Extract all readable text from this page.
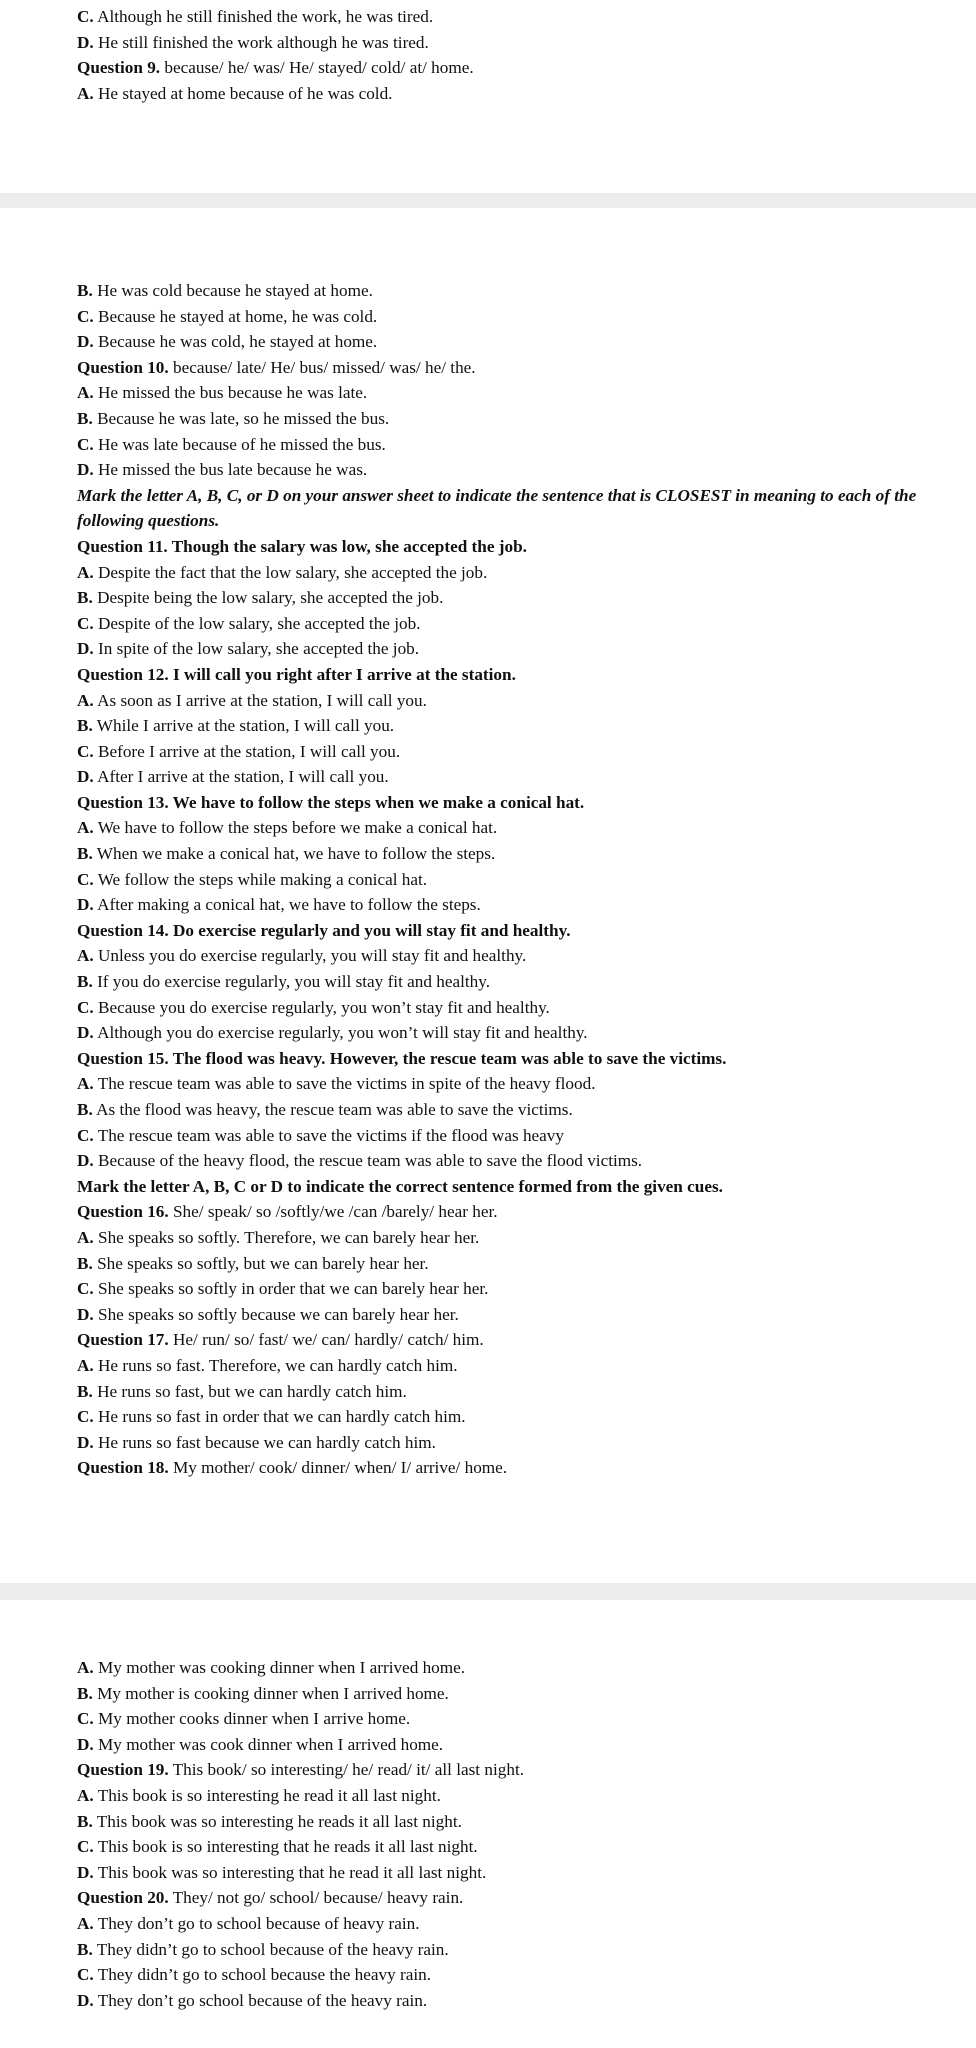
C. Although he still finished the work, he was tired.
D. He still finished the work although he was tired.
Question 9. because/ he/ was/ He/ stayed/ cold/ at/ home.
A. He stayed at home because of he was cold.
B. He was cold because he stayed at home.
C. Because he stayed at home, he was cold.
D. Because he was cold, he stayed at home.
Question 10. because/ late/ He/ bus/ missed/ was/ he/ the.
A. He missed the bus because he was late.
B. Because he was late, so he missed the bus.
C. He was late because of he missed the bus.
D. He missed the bus late because he was.
Mark the letter A, B, C, or D on your answer sheet to indicate the sentence that is CLOSEST in meaning to each of the following questions.
Question 11. Though the salary was low, she accepted the job.
A. Despite the fact that the low salary, she accepted the job.
B. Despite being the low salary, she accepted the job.
C. Despite of the low salary, she accepted the job.
D. In spite of the low salary, she accepted the job.
Question 12. I will call you right after I arrive at the station.
A. As soon as I arrive at the station, I will call you.
B. While I arrive at the station, I will call you.
C. Before I arrive at the station, I will call you.
D. After I arrive at the station, I will call you.
Question 13. We have to follow the steps when we make a conical hat.
A. We have to follow the steps before we make a conical hat.
B. When we make a conical hat, we have to follow the steps.
C. We follow the steps while making a conical hat.
D. After making a conical hat, we have to follow the steps.
Question 14. Do exercise regularly and you will stay fit and healthy.
A. Unless you do exercise regularly, you will stay fit and healthy.
B. If you do exercise regularly, you will stay fit and healthy.
C. Because you do exercise regularly, you won’t stay fit and healthy.
D. Although you do exercise regularly, you won’t will stay fit and healthy.
Question 15. The flood was heavy. However, the rescue team was able to save the victims.
A. The rescue team was able to save the victims in spite of the heavy flood.
B. As the flood was heavy, the rescue team was able to save the victims.
C. The rescue team was able to save the victims if the flood was heavy
D. Because of the heavy flood, the rescue team was able to save the flood victims.
Mark the letter A, B, C or D to indicate the correct sentence formed from the given cues.
Question 16. She/ speak/ so /softly/we /can /barely/ hear her.
A. She speaks so softly. Therefore, we can barely hear her.
B. She speaks so softly, but we can barely hear her.
C. She speaks so softly in order that we can barely hear her.
D. She speaks so softly because we can barely hear her.
Question 17. He/ run/ so/ fast/ we/ can/ hardly/ catch/ him.
A. He runs so fast. Therefore, we can hardly catch him.
B. He runs so fast, but we can hardly catch him.
C. He runs so fast in order that we can hardly catch him.
D. He runs so fast because we can hardly catch him.
Question 18. My mother/ cook/ dinner/ when/ I/ arrive/ home.
A. My mother was cooking dinner when I arrived home.
B. My mother is cooking dinner when I arrived home.
C. My mother cooks dinner when I arrive home.
D. My mother was cook dinner when I arrived home.
Question 19. This book/ so interesting/ he/ read/ it/ all last night.
A. This book is so interesting he read it all last night.
B. This book was so interesting he reads it all last night.
C. This book is so interesting that he reads it all last night.
D. This book was so interesting that he read it all last night.
Question 20. They/ not go/ school/ because/ heavy rain.
A. They don’t go to school because of heavy rain.
B. They didn’t go to school because of the heavy rain.
C. They didn’t go to school because the heavy rain.
D. They don’t go school because of the heavy rain.
